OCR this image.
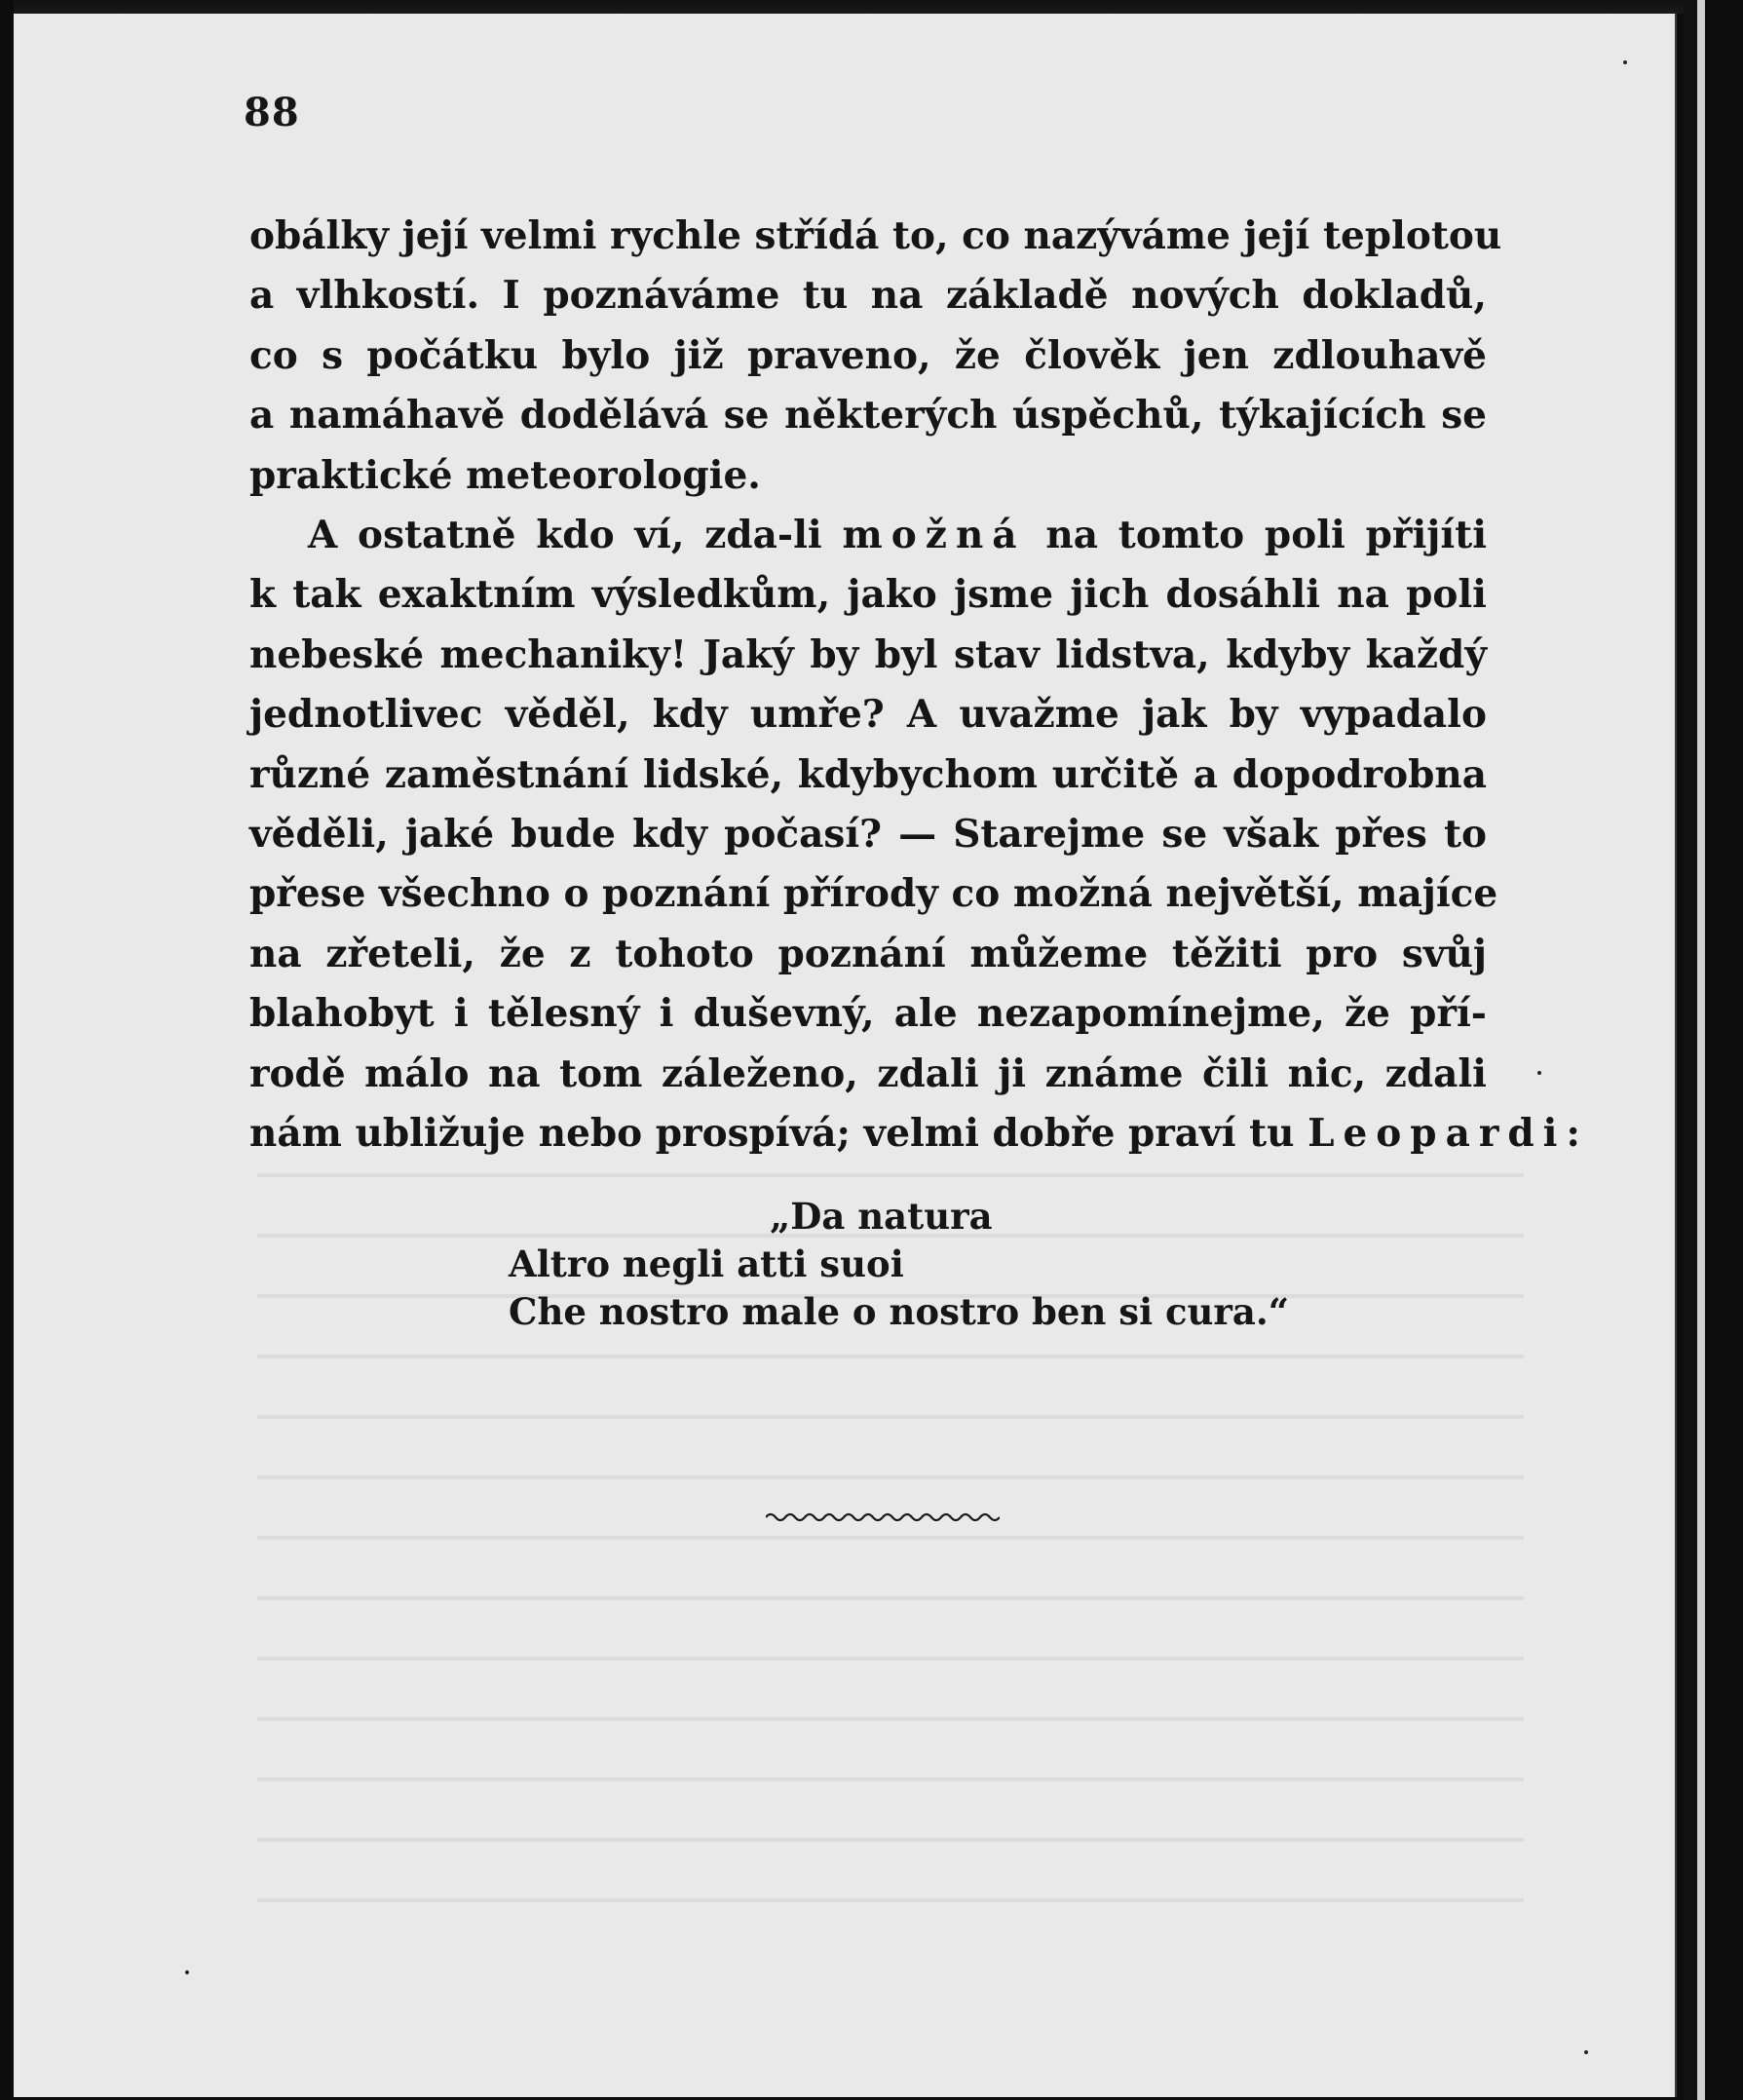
88
obálky její velmi rychle střídá to, co nazýváme její teplotou
a vlhkostí. I poznáváme tu na základě nových dokladů,
co s počátku bylo již praveno, že člověk jen zdlouhavě
a namáhavě dodělává se některých úspěchů, týkajících se
praktické meteorologie.
A ostatně kdo ví, zda-li možná na tomto poli přijíti
k tak exaktním výsledkům, jako jsme jich dosáhli na poli
nebeské mechaniky! Jaký by byl stav lidstva, kdyby každý
jednotlivec věděl, kdy umře? A uvažme jak by vypadalo
různé zaměstnání lidské, kdybychom určitě a dopodrobna
věděli, jaké bude kdy počasí? — Starejme se však přes to
přese všechno o poznání přírody co možná největší, majíce
na zřeteli, že z tohoto poznání můžeme těžiti pro svůj
blahobyt i tělesný i duševný, ale nezapomínejme, že pří-
rodě málo na tom záleženo, zdali ji známe čili nic, zdali
nám ubližuje nebo prospívá; velmi dobře praví tu Leopardi:
„Da natura
Altro negli atti suoi
Che nostro male o nostro ben si cura.“
